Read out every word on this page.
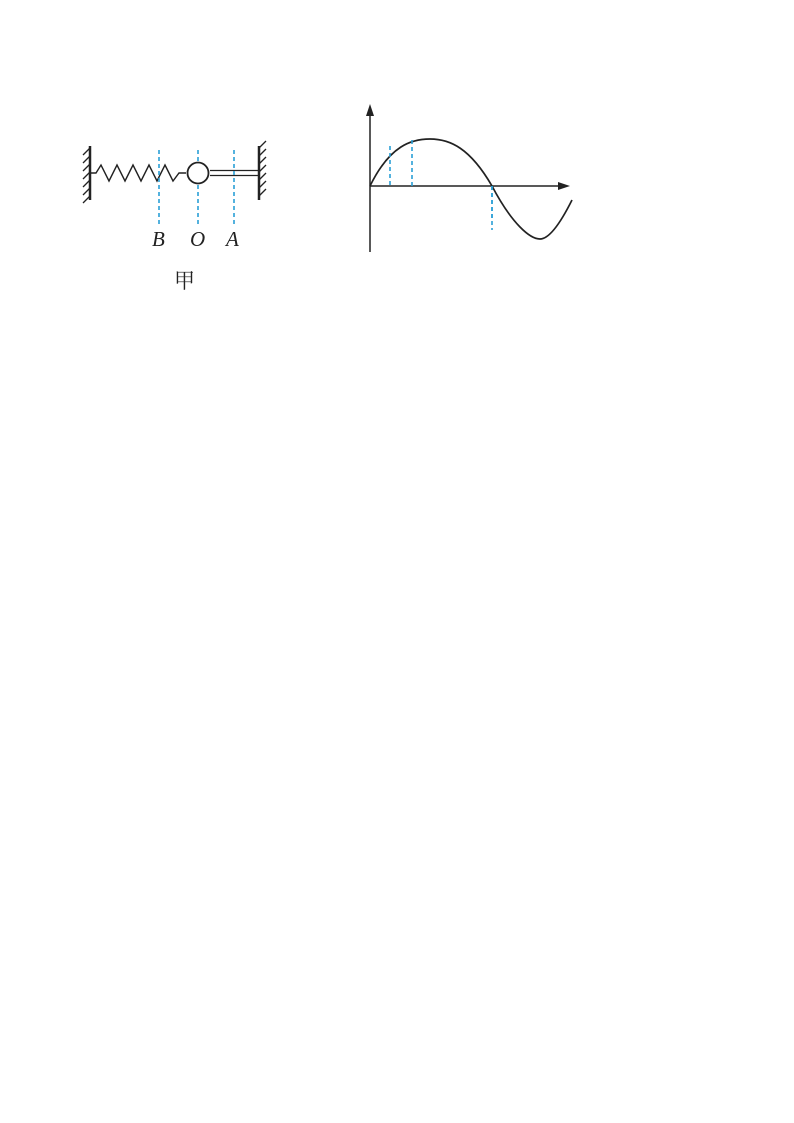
B O A
甲
